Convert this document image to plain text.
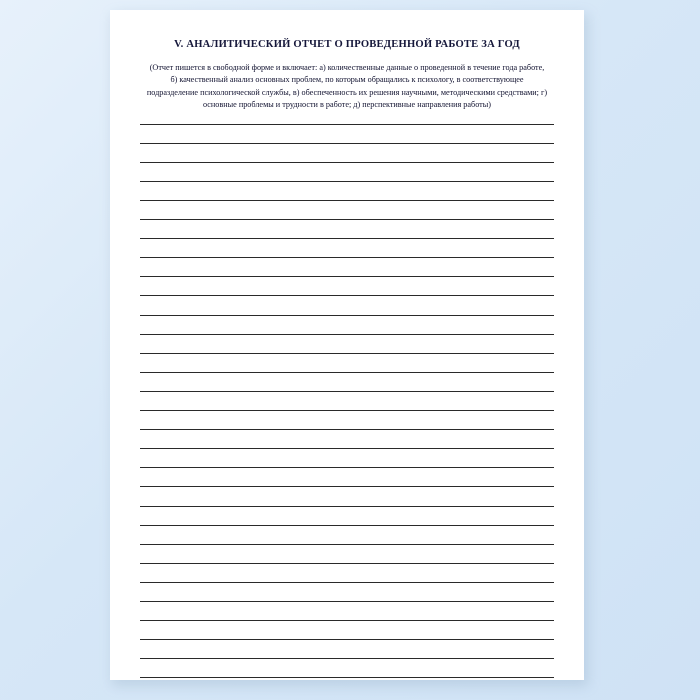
V. АНАЛИТИЧЕСКИЙ ОТЧЕТ О ПРОВЕДЕННОЙ РАБОТЕ ЗА ГОД
(Отчет пишется в свободной форме и включает: а) количественные данные о проведенной в течение года работе, б) качественный анализ основных проблем, по которым обращались к психологу, в соответствующее подразделение психологической службы, в) обеспеченность их решения научными, методическими средствами; г) основные проблемы и трудности в работе; д) перспективные направления работы)
